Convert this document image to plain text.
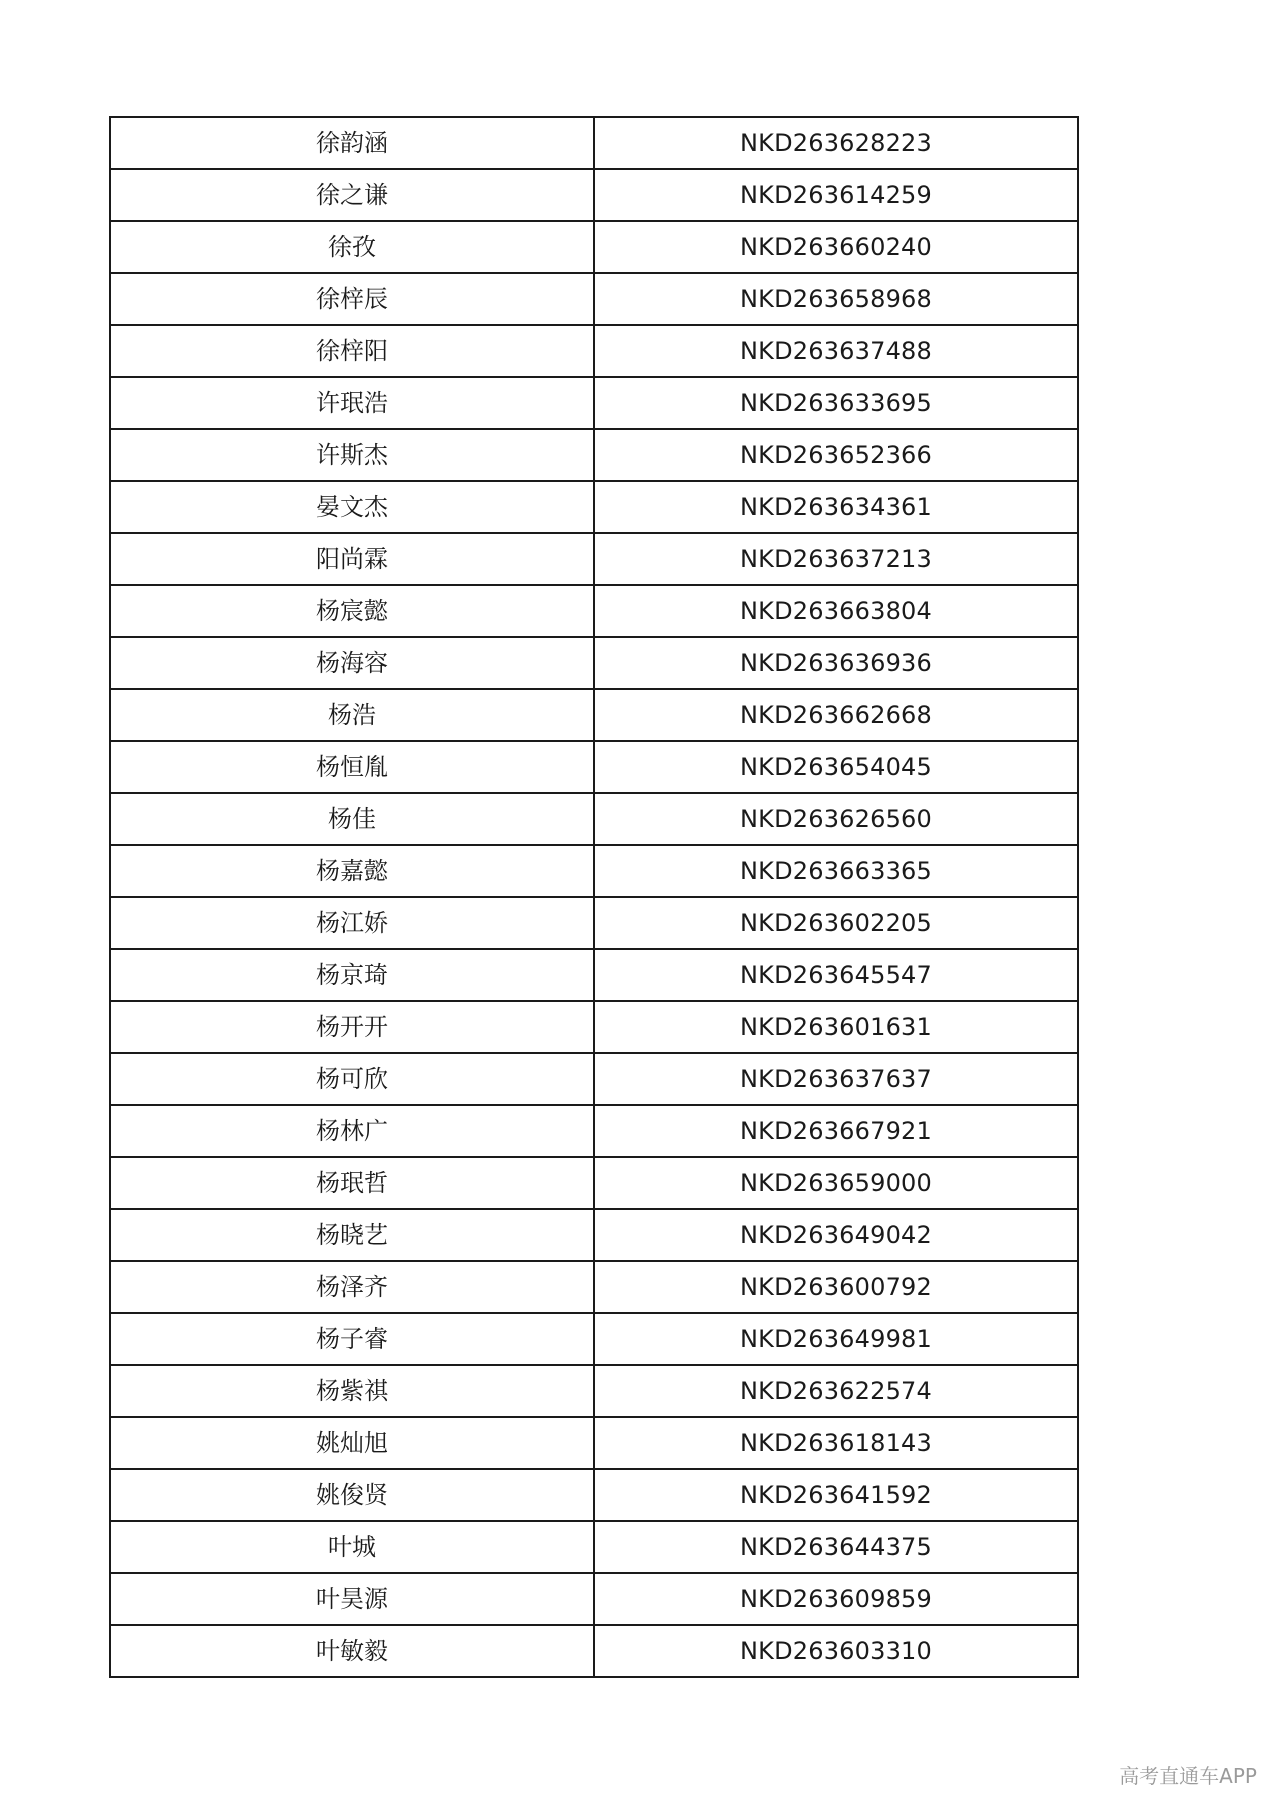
徐韵涵	NKD263628223
徐之谦	NKD263614259
徐孜	NKD263660240
徐梓辰	NKD263658968
徐梓阳	NKD263637488
许珉浩	NKD263633695
许斯杰	NKD263652366
晏文杰	NKD263634361
阳尚霖	NKD263637213
杨宸懿	NKD263663804
杨海容	NKD263636936
杨浩	NKD263662668
杨恒胤	NKD263654045
杨佳	NKD263626560
杨嘉懿	NKD263663365
杨江娇	NKD263602205
杨京琦	NKD263645547
杨开开	NKD263601631
杨可欣	NKD263637637
杨林广	NKD263667921
杨珉哲	NKD263659000
杨晓艺	NKD263649042
杨泽齐	NKD263600792
杨子睿	NKD263649981
杨紫祺	NKD263622574
姚灿旭	NKD263618143
姚俊贤	NKD263641592
叶城	NKD263644375
叶昊源	NKD263609859
叶敏毅	NKD263603310
高考直通车APP
